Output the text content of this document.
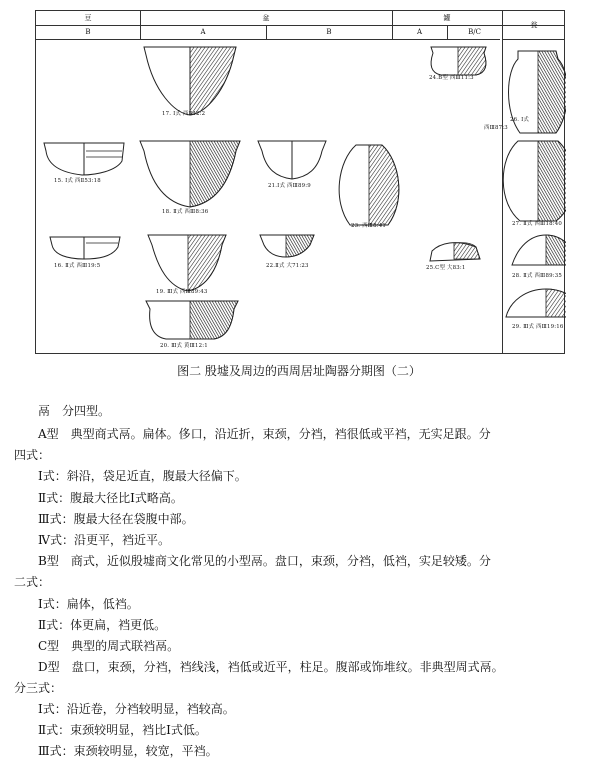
豆	盆	罐
瓮
B	A	B	A	B/C
17. Ⅰ式 西Ⅱ42:2
24.B型 西Ⅲ11:3
26. Ⅰ式
西Ⅲ87:3
15. Ⅰ式 西Ⅱ53:18
18. Ⅱ式 西Ⅲ8:36
21.Ⅰ式 西Ⅲ89:9
23. 西Ⅲ8:41	27. Ⅱ式 西Ⅲ18:40
16. Ⅱ式 西Ⅲ19:5
19. Ⅲ式 西Ⅲ89:43
22.Ⅱ式 大71:23	25.C型 大83:1
28. Ⅱ式 西Ⅲ89:35
29. Ⅲ式 西Ⅲ19:16
20. Ⅲ式 黄Ⅲ12:1
图二 殷墟及周边的西周居址陶器分期图（二）
鬲　分四型。
A型　典型商式鬲。扁体。侈口，沿近折，束颈，分裆，裆很低或平裆，无实足跟。分
四式：
Ⅰ式：斜沿，袋足近直，腹最大径偏下。
Ⅱ式：腹最大径比Ⅰ式略高。
Ⅲ式：腹最大径在袋腹中部。
Ⅳ式：沿更平，裆近平。
B型　商式，近似殷墟商文化常见的小型鬲。盘口，束颈，分裆，低裆，实足较矮。分
二式：
Ⅰ式：扁体，低裆。
Ⅱ式：体更扁，裆更低。
C型　典型的周式联裆鬲。
D型　盘口，束颈，分裆，裆线浅，裆低或近平，柱足。腹部或饰堆纹。非典型周式鬲。
分三式：
Ⅰ式：沿近卷，分裆较明显，裆较高。
Ⅱ式：束颈较明显，裆比Ⅰ式低。
Ⅲ式：束颈较明显，较宽，平裆。
